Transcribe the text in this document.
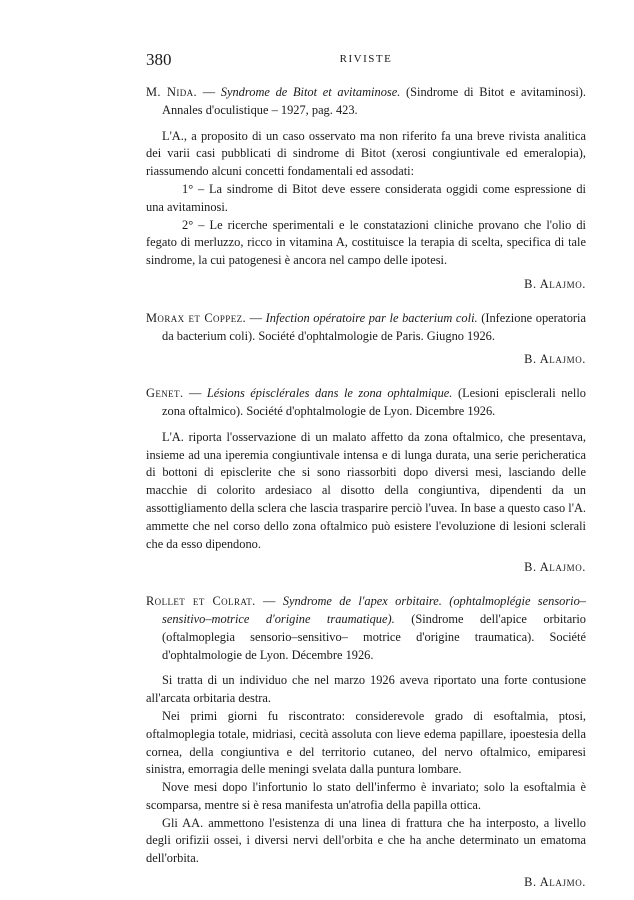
380	RIVISTE

M. Nida. — Syndrome de Bitot et avitaminose. (Sindrome di Bitot e avitaminosi). Annales d'oculistique – 1927, pag. 423.

L'A., a proposito di un caso osservato ma non riferito fa una breve rivista analitica dei varii casi pubblicati di sindrome di Bitot (xerosi congiuntivale ed emeralopia), riassumendo alcuni concetti fondamentali ed assodati:

1° – La sindrome di Bitot deve essere considerata oggidi come espressione di una avitaminosi.

2° – Le ricerche sperimentali e le constatazioni cliniche provano che l'olio di fegato di merluzzo, ricco in vitamina A, costituisce la terapia di scelta, specifica di tale sindrome, la cui patogenesi è ancora nel campo delle ipotesi.

B. Alajmo.

Morax et Coppez. — Infection opératoire par le bacterium coli. (Infezione operatoria da bacterium coli). Société d'ophtalmologie de Paris. Giugno 1926.

B. Alajmo.

Genet. — Lésions épisclérales dans le zona ophtalmique. (Lesioni episclerali nello zona oftalmico). Société d'ophtalmologie de Lyon. Dicembre 1926.

L'A. riporta l'osservazione di un malato affetto da zona oftalmico, che presentava, insieme ad una iperemia congiuntivale intensa e di lunga durata, una serie pericheratica di bottoni di episclerite che si sono riassorbiti dopo diversi mesi, lasciando delle macchie di colorito ardesiaco al disotto della congiuntiva, dipendenti da un assottigliamento della sclera che lascia trasparire perciò l'uvea. In base a questo caso l'A. ammette che nel corso dello zona oftalmico può esistere l'evoluzione di lesioni sclerali che da esso dipendono.

B. Alajmo.

Rollet et Colrat. — Syndrome de l'apex orbitaire. (ophtalmoplégie sensorio–sensitivo–motrice d'origine traumatique). (Sindrome dell'apice orbitario (oftalmoplegia sensorio–sensitivo– motrice d'origine traumatica). Société d'ophtalmologie de Lyon. Décembre 1926.

Si tratta di un individuo che nel marzo 1926 aveva riportato una forte contusione all'arcata orbitaria destra.

Nei primi giorni fu riscontrato: considerevole grado di esoftalmia, ptosi, oftalmoplegia totale, midriasi, cecità assoluta con lieve edema papillare, ipoestesia della cornea, della congiuntiva e del territorio cutaneo, del nervo oftalmico, emiparesi sinistra, emorragia delle meningi svelata dalla puntura lombare.

Nove mesi dopo l'infortunio lo stato dell'infermo è invariato; solo la esoftalmia è scomparsa, mentre si è resa manifesta un'atrofia della papilla ottica.

Gli AA. ammettono l'esistenza di una linea di frattura che ha interposto, a livello degli orifizii ossei, i diversi nervi dell'orbita e che ha anche determinato un ematoma dell'orbita.

B. Alajmo.
